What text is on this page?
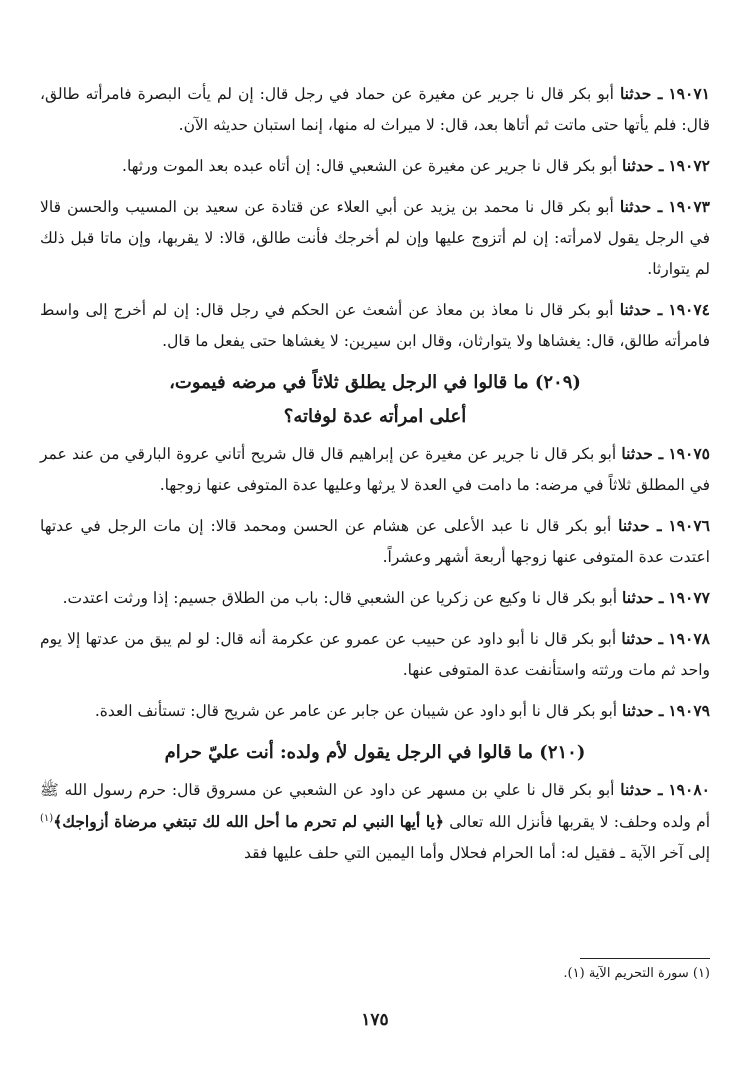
١٩٠٧١ ـ حدثنا أبو بكر قال نا جرير عن مغيرة عن حماد في رجل قال: إن لم يأت البصرة فامرأته طالق، قال: فلم يأتها حتى ماتت ثم أتاها بعد، قال: لا ميراث له منها، إنما استبان حديثه الآن.

١٩٠٧٢ ـ حدثنا أبو بكر قال نا جرير عن مغيرة عن الشعبي قال: إن أتاه عبده بعد الموت ورثها.

١٩٠٧٣ ـ حدثنا أبو بكر قال نا محمد بن يزيد عن أبي العلاء عن قتادة عن سعيد بن المسيب والحسن قالا في الرجل يقول لامرأته: إن لم أتزوج عليها وإن لم أخرجك فأنت طالق، قالا: لا يقربها، وإن ماتا قبل ذلك لم يتوارثا.

١٩٠٧٤ ـ حدثنا أبو بكر قال نا معاذ بن معاذ عن أشعث عن الحكم في رجل قال: إن لم أخرج إلى واسط فامرأته طالق، قال: يغشاها ولا يتوارثان، وقال ابن سيرين: لا يغشاها حتى يفعل ما قال.

(٢٠٩) ما قالوا في الرجل يطلق ثلاثاً في مرضه فيموت،
أعلى امرأته عدة لوفاته؟

١٩٠٧٥ ـ حدثنا أبو بكر قال نا جرير عن مغيرة عن إبراهيم قال قال شريح أتاني عروة البارقي من عند عمر في المطلق ثلاثاً في مرضه: ما دامت في العدة لا يرثها وعليها عدة المتوفى عنها زوجها.

١٩٠٧٦ ـ حدثنا أبو بكر قال نا عبد الأعلى عن هشام عن الحسن ومحمد قالا: إن مات الرجل في عدتها اعتدت عدة المتوفى عنها زوجها أربعة أشهر وعشراً.

١٩٠٧٧ ـ حدثنا أبو بكر قال نا وكيع عن زكريا عن الشعبي قال: باب من الطلاق جسيم: إذا ورثت اعتدت.

١٩٠٧٨ ـ حدثنا أبو بكر قال نا أبو داود عن حبيب عن عمرو عن عكرمة أنه قال: لو لم يبق من عدتها إلا يوم واحد ثم مات ورثته واستأنفت عدة المتوفى عنها.

١٩٠٧٩ ـ حدثنا أبو بكر قال نا أبو داود عن شيبان عن جابر عن عامر عن شريح قال: تستأنف العدة.

(٢١٠) ما قالوا في الرجل يقول لأم ولده: أنت عليّ حرام

١٩٠٨٠ ـ حدثنا أبو بكر قال نا علي بن مسهر عن داود عن الشعبي عن مسروق قال: حرم رسول الله ﷺ أم ولده وحلف: لا يقربها فأنزل الله تعالى ﴿يا أيها النبي لم تحرم ما أحل الله لك تبتغي مرضاة أزواجك﴾$^{(١)}$ إلى آخر الآية ـ فقيل له: أما الحرام فحلال وأما اليمين التي حلف عليها فقد

(١) سورة التحريم الآية (١).
١٧٥
